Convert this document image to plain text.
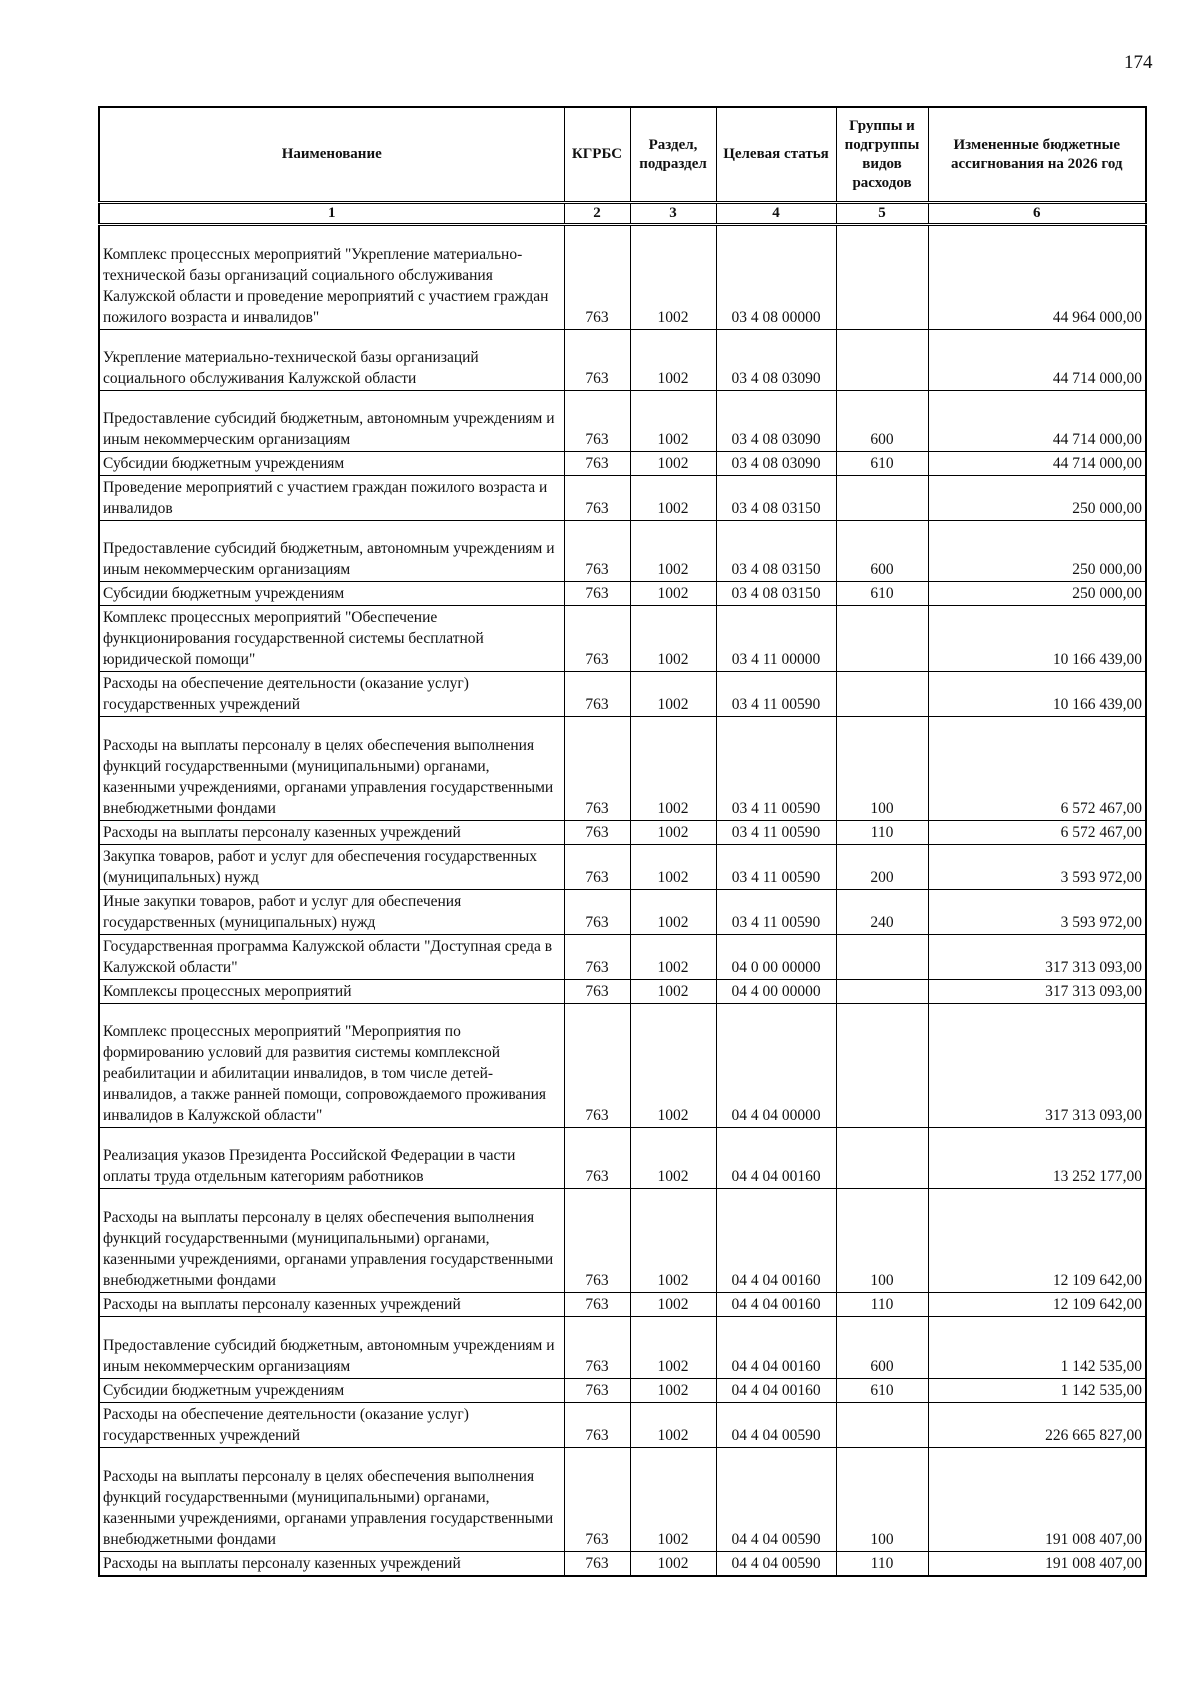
174
Наименование	КГРБС	Раздел, подраздел	Целевая статья	Группы и подгруппы видов расходов	Измененные бюджетные ассигнования на 2026 год
1	2	3	4	5	6
Комплекс процессных мероприятий "Укрепление материально-технической базы организаций социального обслуживания Калужской области и проведение мероприятий с участием граждан пожилого возраста и инвалидов"	763	1002	03 4 08 00000		44 964 000,00
Укрепление материально-технической базы организаций социального обслуживания Калужской области	763	1002	03 4 08 03090		44 714 000,00
Предоставление субсидий бюджетным, автономным учреждениям и иным некоммерческим организациям	763	1002	03 4 08 03090	600	44 714 000,00
Субсидии бюджетным учреждениям	763	1002	03 4 08 03090	610	44 714 000,00
Проведение мероприятий с участием граждан пожилого возраста и инвалидов	763	1002	03 4 08 03150		250 000,00
Предоставление субсидий бюджетным, автономным учреждениям и иным некоммерческим организациям	763	1002	03 4 08 03150	600	250 000,00
Субсидии бюджетным учреждениям	763	1002	03 4 08 03150	610	250 000,00
Комплекс процессных мероприятий "Обеспечение функционирования государственной системы бесплатной юридической помощи"	763	1002	03 4 11 00000		10 166 439,00
Расходы на обеспечение деятельности (оказание услуг) государственных учреждений	763	1002	03 4 11 00590		10 166 439,00
Расходы на выплаты персоналу в целях обеспечения выполнения функций государственными (муниципальными) органами, казенными учреждениями, органами управления государственными внебюджетными фондами	763	1002	03 4 11 00590	100	6 572 467,00
Расходы на выплаты персоналу казенных учреждений	763	1002	03 4 11 00590	110	6 572 467,00
Закупка товаров, работ и услуг для обеспечения государственных (муниципальных) нужд	763	1002	03 4 11 00590	200	3 593 972,00
Иные закупки товаров, работ и услуг для обеспечения государственных (муниципальных) нужд	763	1002	03 4 11 00590	240	3 593 972,00
Государственная программа Калужской области "Доступная среда в Калужской области"	763	1002	04 0 00 00000		317 313 093,00
Комплексы процессных мероприятий	763	1002	04 4 00 00000		317 313 093,00
Комплекс процессных мероприятий "Мероприятия по формированию условий для развития системы комплексной реабилитации и абилитации инвалидов, в том числе детей-инвалидов, а также ранней помощи, сопровождаемого проживания инвалидов в Калужской области"	763	1002	04 4 04 00000		317 313 093,00
Реализация указов Президента Российской Федерации в части оплаты труда отдельным категориям работников	763	1002	04 4 04 00160		13 252 177,00
Расходы на выплаты персоналу в целях обеспечения выполнения функций государственными (муниципальными) органами, казенными учреждениями, органами управления государственными внебюджетными фондами	763	1002	04 4 04 00160	100	12 109 642,00
Расходы на выплаты персоналу казенных учреждений	763	1002	04 4 04 00160	110	12 109 642,00
Предоставление субсидий бюджетным, автономным учреждениям и иным некоммерческим организациям	763	1002	04 4 04 00160	600	1 142 535,00
Субсидии бюджетным учреждениям	763	1002	04 4 04 00160	610	1 142 535,00
Расходы на обеспечение деятельности (оказание услуг) государственных учреждений	763	1002	04 4 04 00590		226 665 827,00
Расходы на выплаты персоналу в целях обеспечения выполнения функций государственными (муниципальными) органами, казенными учреждениями, органами управления государственными внебюджетными фондами	763	1002	04 4 04 00590	100	191 008 407,00
Расходы на выплаты персоналу казенных учреждений	763	1002	04 4 04 00590	110	191 008 407,00
